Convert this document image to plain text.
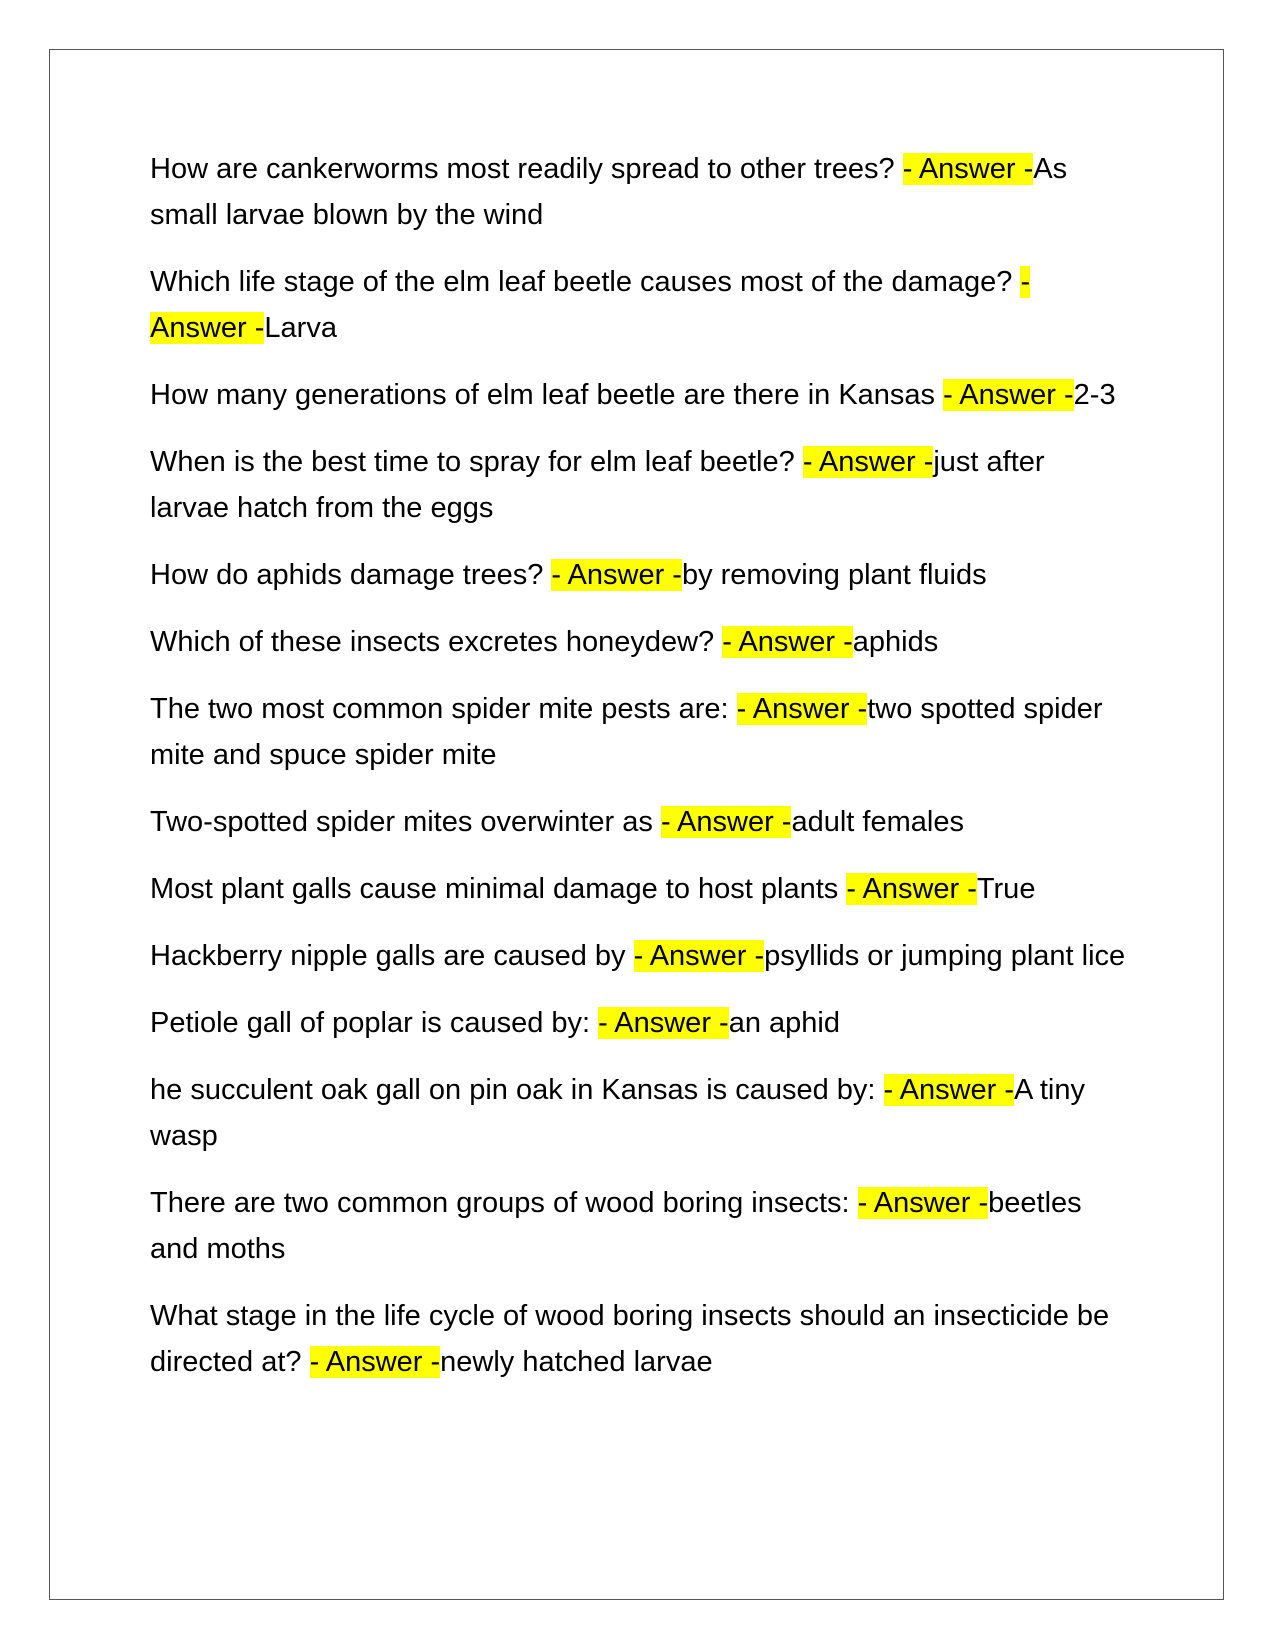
How are cankerworms most readily spread to other trees? - Answer -As small larvae blown by the wind

Which life stage of the elm leaf beetle causes most of the damage? - Answer -Larva

How many generations of elm leaf beetle are there in Kansas - Answer -2-3

When is the best time to spray for elm leaf beetle? - Answer -just after larvae hatch from the eggs

How do aphids damage trees? - Answer -by removing plant fluids

Which of these insects excretes honeydew? - Answer -aphids

The two most common spider mite pests are: - Answer -two spotted spider mite and spuce spider mite

Two-spotted spider mites overwinter as - Answer -adult females

Most plant galls cause minimal damage to host plants - Answer -True

Hackberry nipple galls are caused by - Answer -psyllids or jumping plant lice

Petiole gall of poplar is caused by: - Answer -an aphid

he succulent oak gall on pin oak in Kansas is caused by: - Answer -A tiny wasp

There are two common groups of wood boring insects: - Answer -beetles and moths

What stage in the life cycle of wood boring insects should an insecticide be directed at? - Answer -newly hatched larvae
